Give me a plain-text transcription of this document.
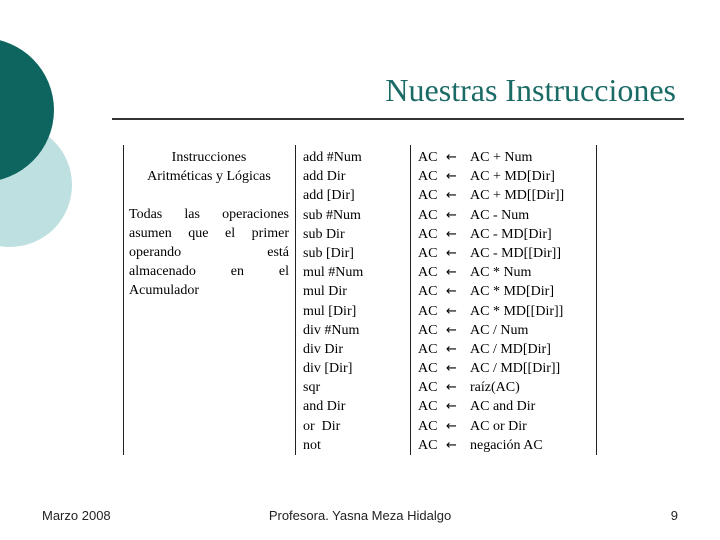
Nuestras Instrucciones
Instrucciones
Aritméticas y Lógicas
Todas las operaciones
asumen que el primer
operando está
almacenado en el
Acumulador
add #Num
add Dir
add [Dir]
sub #Num
sub Dir
sub [Dir]
mul #Num
mul Dir
mul [Dir]
div #Num
div Dir
div [Dir]
sqr
and Dir
or  Dir
not
AC ← AC + Num
AC ← AC + MD[Dir]
AC ← AC + MD[[Dir]]
AC ← AC - Num
AC ← AC - MD[Dir]
AC ← AC - MD[[Dir]]
AC ← AC * Num
AC ← AC * MD[Dir]
AC ← AC * MD[[Dir]]
AC ← AC / Num
AC ← AC / MD[Dir]
AC ← AC / MD[[Dir]]
AC ← raíz(AC)
AC ← AC and Dir
AC ← AC or Dir
AC ← negación AC
Marzo 2008	Profesora. Yasna Meza Hidalgo	9
